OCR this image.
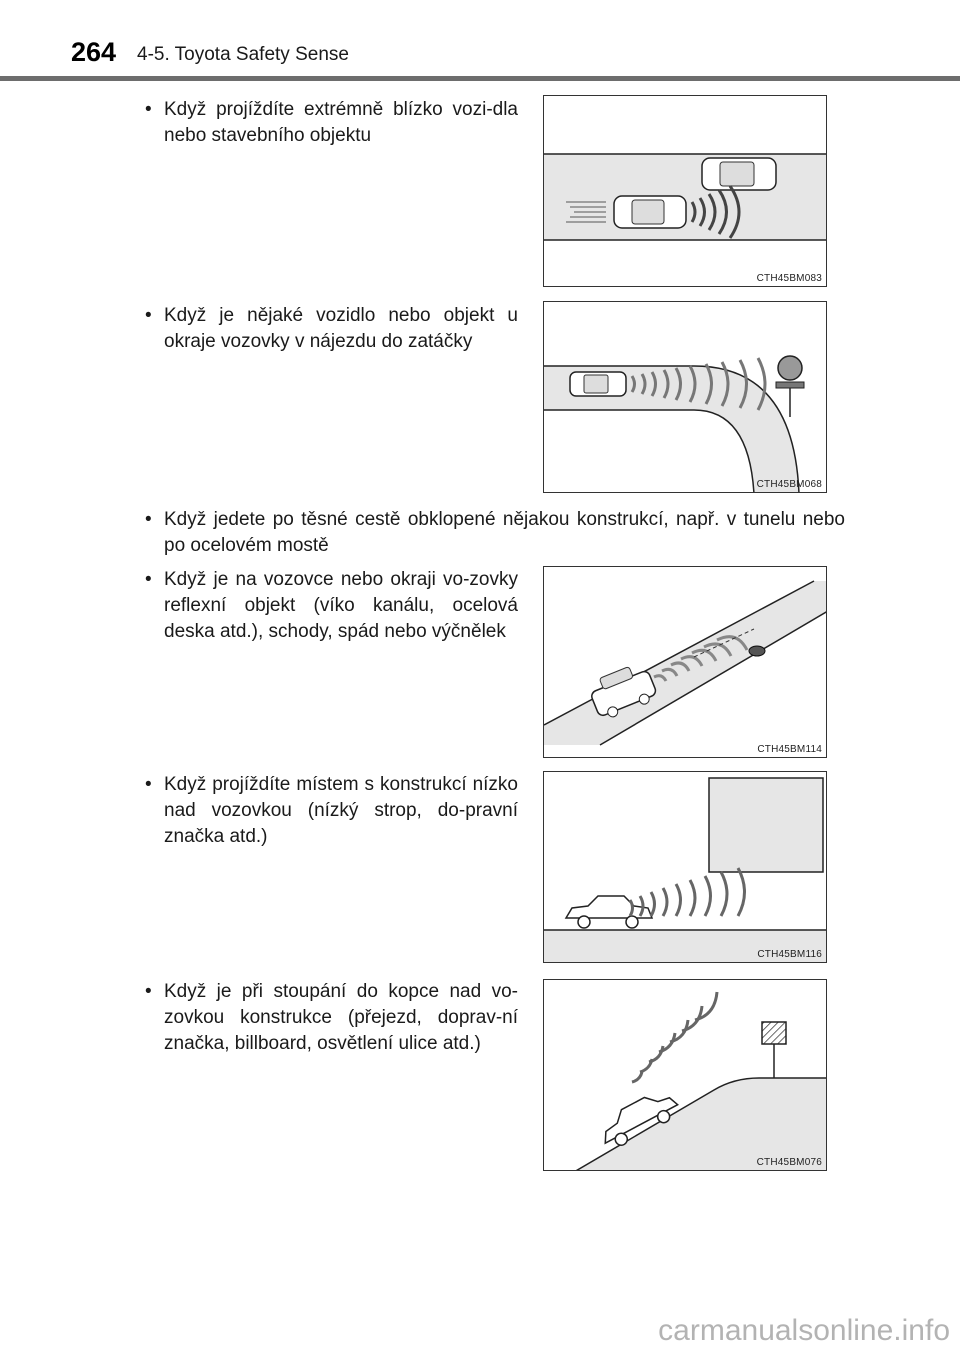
264 4-5. Toyota Safety Sense
• Když projíždíte extrémně blízko vozi-dla nebo stavebního objektu
CTH45BM083
• Když je nějaké vozidlo nebo objekt u okraje vozovky v nájezdu do zatáčky
CTH45BM068
• Když jedete po těsné cestě obklopené nějakou konstrukcí, např. v tunelu nebo po ocelovém mostě
• Když je na vozovce nebo okraji vo-zovky reflexní objekt (víko kanálu, ocelová deska atd.), schody, spád nebo výčnělek
CTH45BM114
• Když projíždíte místem s konstrukcí nízko nad vozovkou (nízký strop, do-pravní značka atd.)
CTH45BM116
• Když je při stoupání do kopce nad vo-zovkou konstrukce (přejezd, doprav-ní značka, billboard, osvětlení ulice atd.)
CTH45BM076
carmanualsonline.info
